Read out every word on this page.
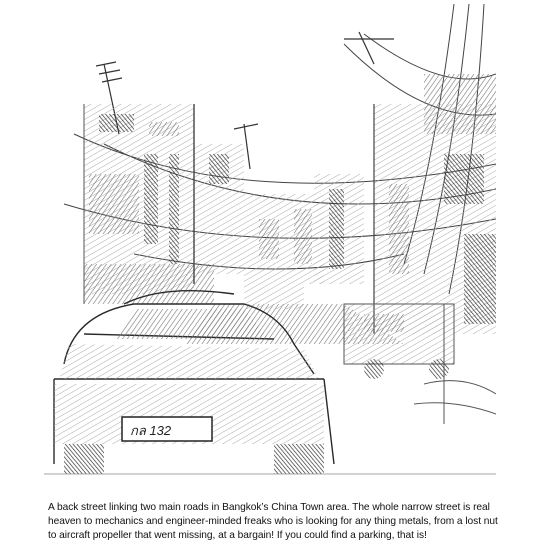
กล 132

A back street linking two main roads in Bangkok’s China Town area. The whole narrow street is real heaven to mechanics and engineer-minded freaks who is looking for any thing metals, from a lost nut to aircraft propeller that went missing, at a bargain! If you could find a parking, that is!
